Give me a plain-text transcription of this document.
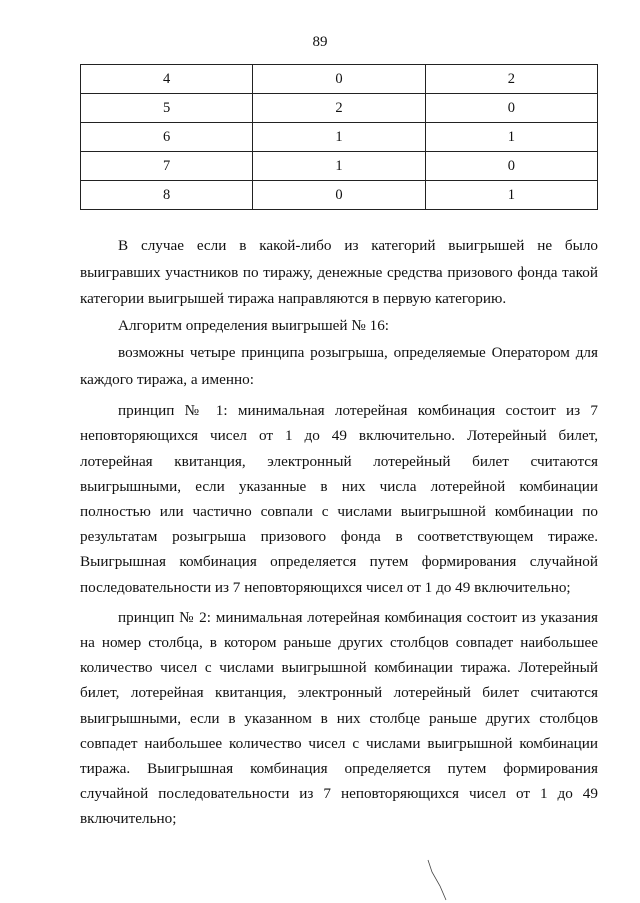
89
4	0	2
5	2	0
6	1	1
7	1	0
8	0	1

В случае если в какой-либо из категорий выигрышей не было выигравших участников по тиражу, денежные средства призового фонда такой категории выигрышей тиража направляются в первую категорию.

Алгоритм определения выигрышей № 16:

возможны четыре принципа розыгрыша, определяемые Оператором для каждого тиража, а именно:

принцип № 1: минимальная лотерейная комбинация состоит из 7 неповторяющихся чисел от 1 до 49 включительно. Лотерейный билет, лотерейная квитанция, электронный лотерейный билет считаются выигрышными, если указанные в них числа лотерейной комбинации полностью или частично совпали с числами выигрышной комбинации по результатам розыгрыша призового фонда в соответствующем тираже. Выигрышная комбинация определяется путем формирования случайной последовательности из 7 неповторяющихся чисел от 1 до 49 включительно;

принцип № 2: минимальная лотерейная комбинация состоит из указания на номер столбца, в котором раньше других столбцов совпадет наибольшее количество чисел с числами выигрышной комбинации тиража. Лотерейный билет, лотерейная квитанция, электронный лотерейный билет считаются выигрышными, если в указанном в них столбце раньше других столбцов совпадет наибольшее количество чисел с числами выигрышной комбинации тиража. Выигрышная комбинация определяется путем формирования случайной последовательности из 7 неповторяющихся чисел от 1 до 49 включительно;
